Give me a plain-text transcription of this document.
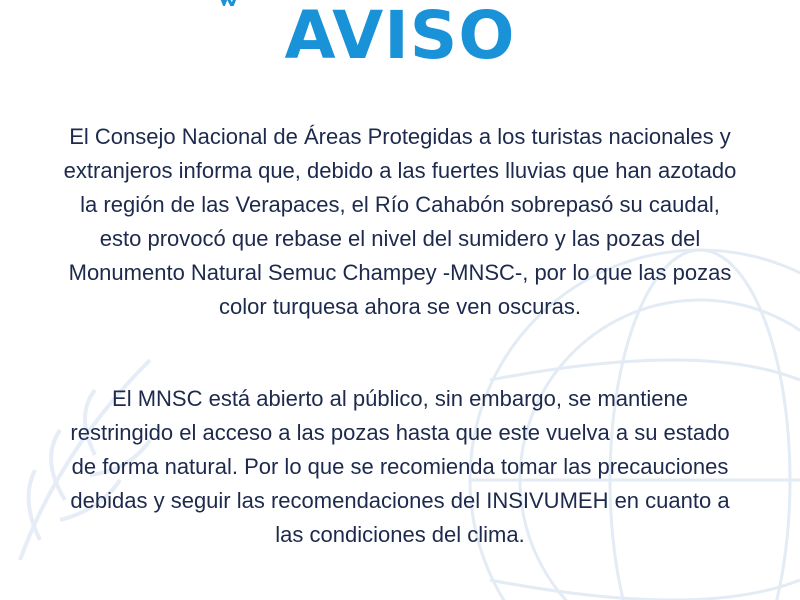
AVISO

El Consejo Nacional de Áreas Protegidas a los turistas nacionales y extranjeros informa que, debido a las fuertes lluvias que han azotado la región de las Verapaces, el Río Cahabón sobrepasó su caudal, esto provocó que rebase el nivel del sumidero y las pozas del Monumento Natural Semuc Champey -MNSC-, por lo que las pozas color turquesa ahora se ven oscuras.

El MNSC está abierto al público, sin embargo, se mantiene restringido el acceso a las pozas hasta que este vuelva a su estado de forma natural. Por lo que se recomienda tomar las precauciones debidas y seguir las recomendaciones del INSIVUMEH en cuanto a las condiciones del clima.
